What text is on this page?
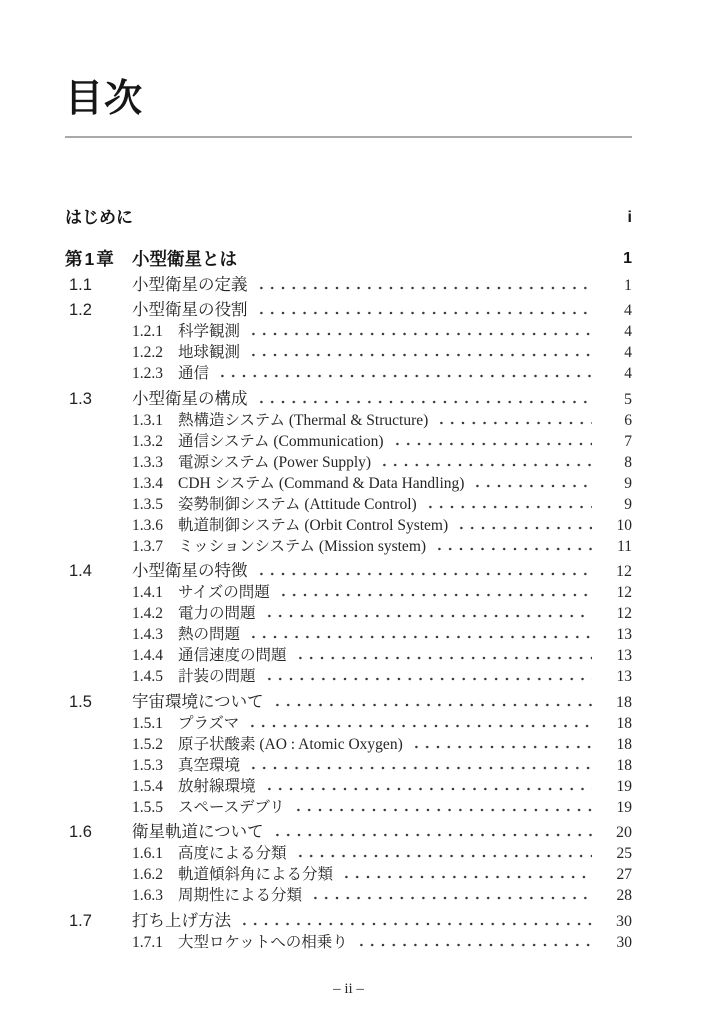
目次
はじめに	i
第1章 小型衛星とは	1
1.1	小型衛星の定義	1
1.2	小型衛星の役割	4
1.2.1 科学観測	4
1.2.2 地球観測	4
1.2.3 通信	4
1.3	小型衛星の構成	5
1.3.1 熱構造システム (Thermal & Structure)	6
1.3.2 通信システム (Communication)	7
1.3.3 電源システム (Power Supply)	8
1.3.4 CDH システム (Command & Data Handling)	9
1.3.5 姿勢制御システム (Attitude Control)	9
1.3.6 軌道制御システム (Orbit Control System)	10
1.3.7 ミッションシステム (Mission system)	11
1.4	小型衛星の特徴	12
1.4.1 サイズの問題	12
1.4.2 電力の問題	12
1.4.3 熱の問題	13
1.4.4 通信速度の問題	13
1.4.5 計装の問題	13
1.5	宇宙環境について	18
1.5.1 プラズマ	18
1.5.2 原子状酸素 (AO : Atomic Oxygen)	18
1.5.3 真空環境	18
1.5.4 放射線環境	19
1.5.5 スペースデブリ	19
1.6	衛星軌道について	20
1.6.1 高度による分類	25
1.6.2 軌道傾斜角による分類	27
1.6.3 周期性による分類	28
1.7	打ち上げ方法	30
1.7.1 大型ロケットへの相乗り	30
– ii –
